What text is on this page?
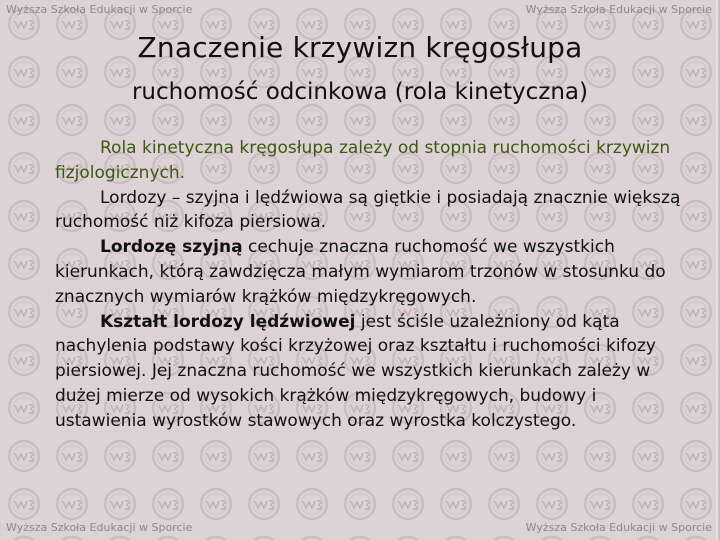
Wyższa Szkoła Edukacji w Sporcie	Wyższa Szkoła Edukacji w Sporcie
Znaczenie krzywizn kręgosłupa
ruchomość odcinkowa (rola kinetyczna)

Rola kinetyczna kręgosłupa zależy od stopnia ruchomości krzywizn fizjologicznych.

Lordozy – szyjna i lędźwiowa są giętkie i posiadają znacznie większą ruchomość niż kifoza piersiowa.

Lordozę szyjną cechuje znaczna ruchomość we wszystkich kierunkach, którą zawdzięcza małym wymiarom trzonów w stosunku do znacznych wymiarów krążków międzykręgowych.

Kształt lordozy lędźwiowej jest ściśle uzależniony od kąta nachylenia podstawy kości krzyżowej oraz kształtu i ruchomości kifozy piersiowej. Jej znaczna ruchomość we wszystkich kierunkach zależy w dużej mierze od wysokich krążków międzykręgowych, budowy i ustawienia wyrostków stawowych oraz wyrostka kolczystego.

Wyższa Szkoła Edukacji w Sporcie	Wyższa Szkoła Edukacji w Sporcie
